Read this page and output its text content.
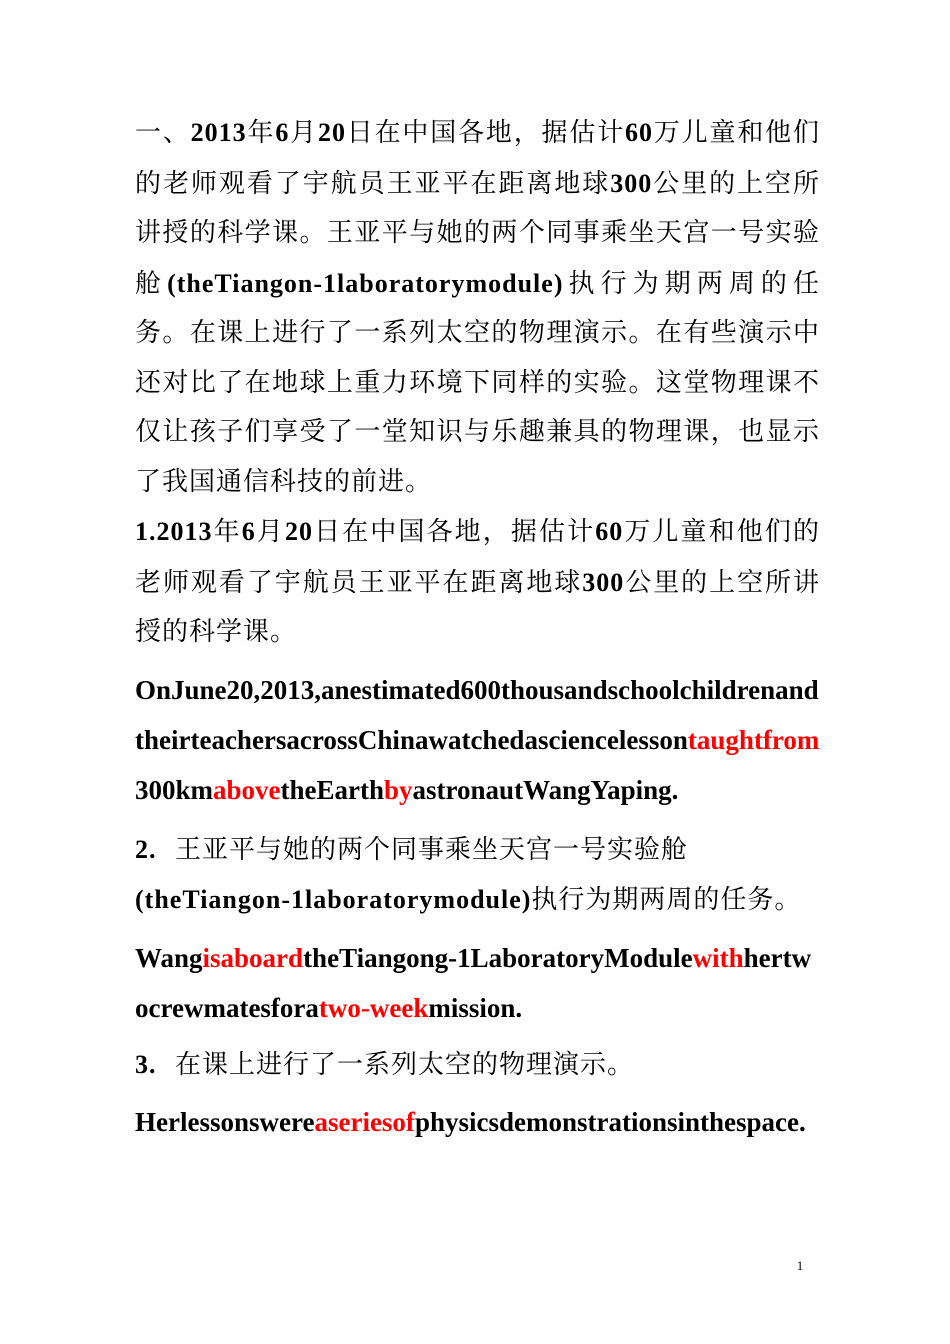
一、2013年6月20日在中国各地，据估计60万儿童和他们的老师观看了宇航员王亚平在距离地球300公里的上空所讲授的科学课。王亚平与她的两个同事乘坐天宫一号实验舱(theTiangon-1laboratorymodule)执行为期两周的任务。在课上进行了一系列太空的物理演示。在有些演示中还对比了在地球上重力环境下同样的实验。这堂物理课不仅让孩子们享受了一堂知识与乐趣兼具的物理课，也显示了我国通信科技的前进。

1.2013年6月20日在中国各地，据估计60万儿童和他们的老师观看了宇航员王亚平在距离地球300公里的上空所讲授的科学课。

OnJune20,2013,anestimated600thousandschoolchildrenandtheirteachersacrossChinawatchedasciencelessontaughtfrom300kmabovetheEarthbyastronautWangYaping.

2. 王亚平与她的两个同事乘坐天宫一号实验舱
(theTiangon-1laboratorymodule)执行为期两周的任务。

WangisaboardtheTiangong-1LaboratoryModulewithhertwocrewmatesforatwo-weekmission.

3. 在课上进行了一系列太空的物理演示。

Herlessonswereaseriesofphysicsdemonstrationsinthespace.

1
